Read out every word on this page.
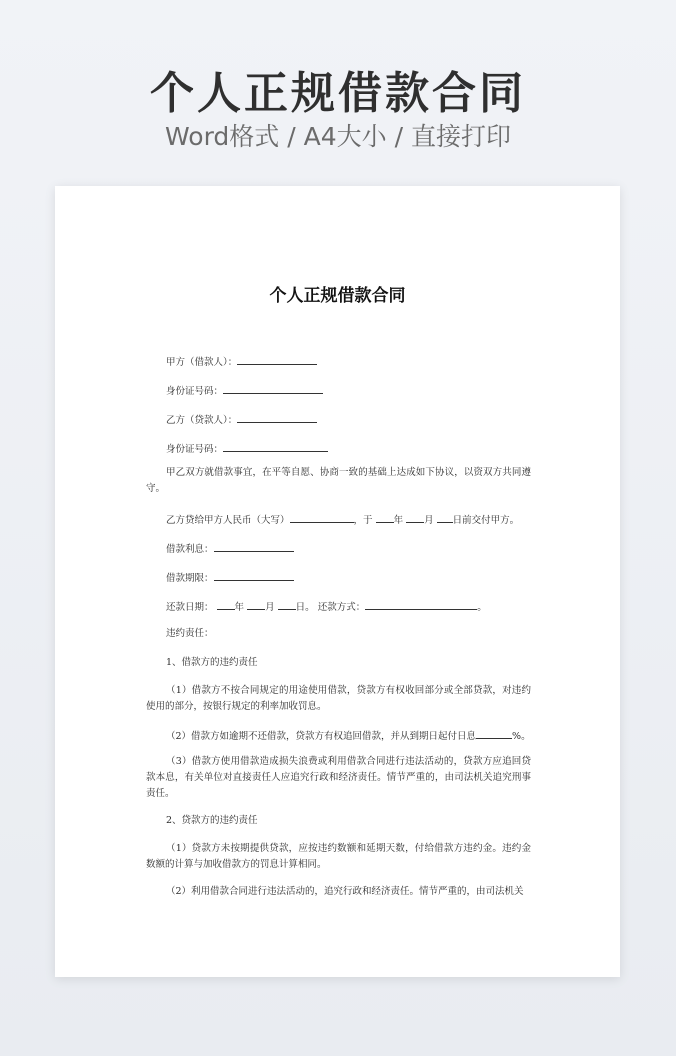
个人正规借款合同

Word格式 / A4大小 / 直接打印

个人正规借款合同
甲方（借款人）：
身份证号码：
乙方（贷款人）：
身份证号码：

甲乙双方就借款事宜，在平等自愿、协商一致的基础上达成如下协议，以资双方共同遵守。

乙方贷给甲方人民币（大写）	，于 年 月 日前交付甲方。
借款利息：
借款期限：
还款日期： 年 月 日。 还款方式：	。
违约责任：
1、借款方的违约责任

（1）借款方不按合同规定的用途使用借款，贷款方有权收回部分或全部贷款，对违约使用的部分，按银行规定的利率加收罚息。

（2）借款方如逾期不还借款，贷款方有权追回借款，并从到期日起付日息	%。

（3）借款方使用借款造成损失浪费或利用借款合同进行违法活动的，贷款方应追回贷款本息，有关单位对直接责任人应追究行政和经济责任。情节严重的，由司法机关追究刑事责任。

2、贷款方的违约责任

（1）贷款方未按期提供贷款，应按违约数额和延期天数，付给借款方违约金。违约金数额的计算与加收借款方的罚息计算相同。

（2）利用借款合同进行违法活动的，追究行政和经济责任。情节严重的，由司法机关
